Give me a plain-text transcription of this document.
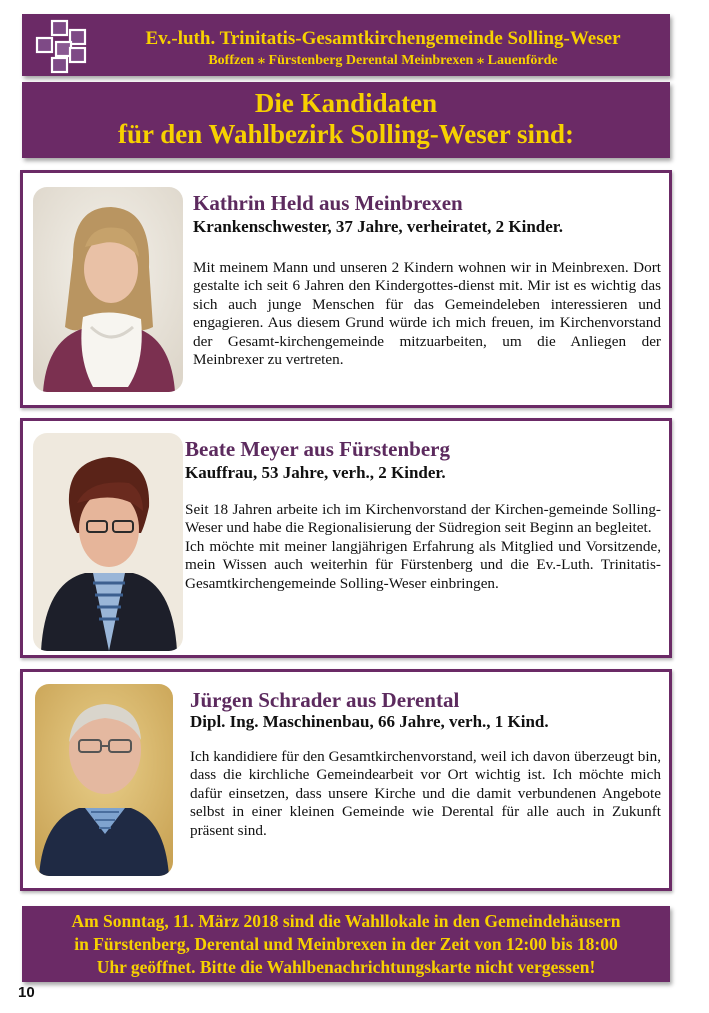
Ev.-luth. Trinitatis-Gesamtkirchengemeinde Solling-Weser
Boffzen ⁎ Fürstenberg Derental Meinbrexen ⁎ Lauenförde
Die Kandidaten
für den Wahlbezirk Solling-Weser sind:
Kathrin Held aus Meinbrexen
Krankenschwester, 37 Jahre, verheiratet, 2 Kinder.

Mit meinem Mann und unseren 2 Kindern wohnen wir in Meinbrexen. Dort gestalte ich seit 6 Jahren den Kindergottes-dienst mit. Mir ist es wichtig das sich auch junge Menschen für das Gemeindeleben interessieren und engagieren. Aus diesem Grund würde ich mich freuen, im Kirchenvorstand der Gesamt-kirchengemeinde mitzuarbeiten, um die Anliegen der Meinbrexer zu vertreten.

Beate Meyer aus Fürstenberg
Kauffrau, 53 Jahre, verh., 2 Kinder.

Seit 18 Jahren arbeite ich im Kirchenvorstand der Kirchen-gemeinde Solling-Weser und habe die Regionalisierung der Südregion seit Beginn an begleitet.

Ich möchte mit meiner langjährigen Erfahrung als Mitglied und Vorsitzende, mein Wissen auch weiterhin für Fürstenberg und die Ev.-Luth. Trinitatis-Gesamtkirchengemeinde Solling-Weser einbringen.

Jürgen Schrader aus Derental
Dipl. Ing. Maschinenbau, 66 Jahre, verh., 1 Kind.

Ich kandidiere für den Gesamtkirchenvorstand, weil ich davon überzeugt bin, dass die kirchliche Gemeindearbeit vor Ort wichtig ist. Ich möchte mich dafür einsetzen, dass unsere Kirche und die damit verbundenen Angebote selbst in einer kleinen Gemeinde wie Derental für alle auch in Zukunft präsent sind.

Am Sonntag, 11. März 2018 sind die Wahllokale in den Gemeindehäusern
in Fürstenberg, Derental und Meinbrexen in der Zeit von 12:00 bis 18:00
Uhr geöffnet. Bitte die Wahlbenachrichtungskarte nicht vergessen!
10
